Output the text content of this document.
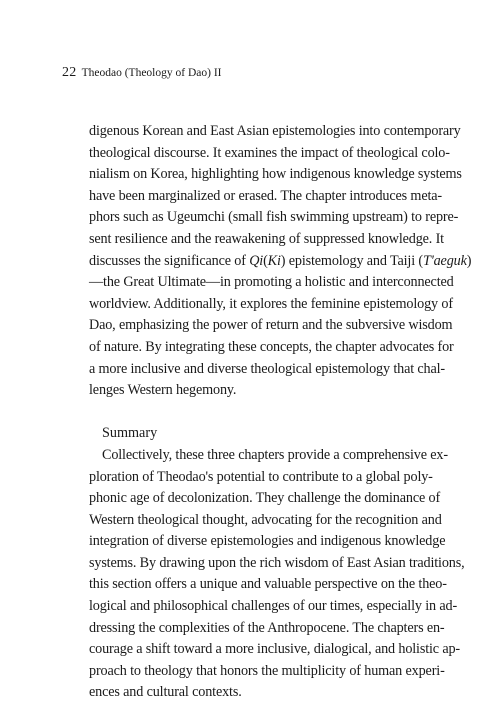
22 Theodao (Theology of Dao) II
digenous Korean and East Asian epistemologies into contemporary
theological discourse. It examines the impact of theological colo-
nialism on Korea, highlighting how indigenous knowledge systems
have been marginalized or erased. The chapter introduces meta-
phors such as Ugeumchi (small fish swimming upstream) to repre-
sent resilience and the reawakening of suppressed knowledge. It
discusses the significance of Qi(Ki) epistemology and Taiji (T'aeguk)
—the Great Ultimate—in promoting a holistic and interconnected
worldview. Additionally, it explores the feminine epistemology of
Dao, emphasizing the power of return and the subversive wisdom
of nature. By integrating these concepts, the chapter advocates for
a more inclusive and diverse theological epistemology that chal-
lenges Western hegemony.
Summary
Collectively, these three chapters provide a comprehensive ex-
ploration of Theodao's potential to contribute to a global poly-
phonic age of decolonization. They challenge the dominance of
Western theological thought, advocating for the recognition and
integration of diverse epistemologies and indigenous knowledge
systems. By drawing upon the rich wisdom of East Asian traditions,
this section offers a unique and valuable perspective on the theo-
logical and philosophical challenges of our times, especially in ad-
dressing the complexities of the Anthropocene. The chapters en-
courage a shift toward a more inclusive, dialogical, and holistic ap-
proach to theology that honors the multiplicity of human experi-
ences and cultural contexts.
